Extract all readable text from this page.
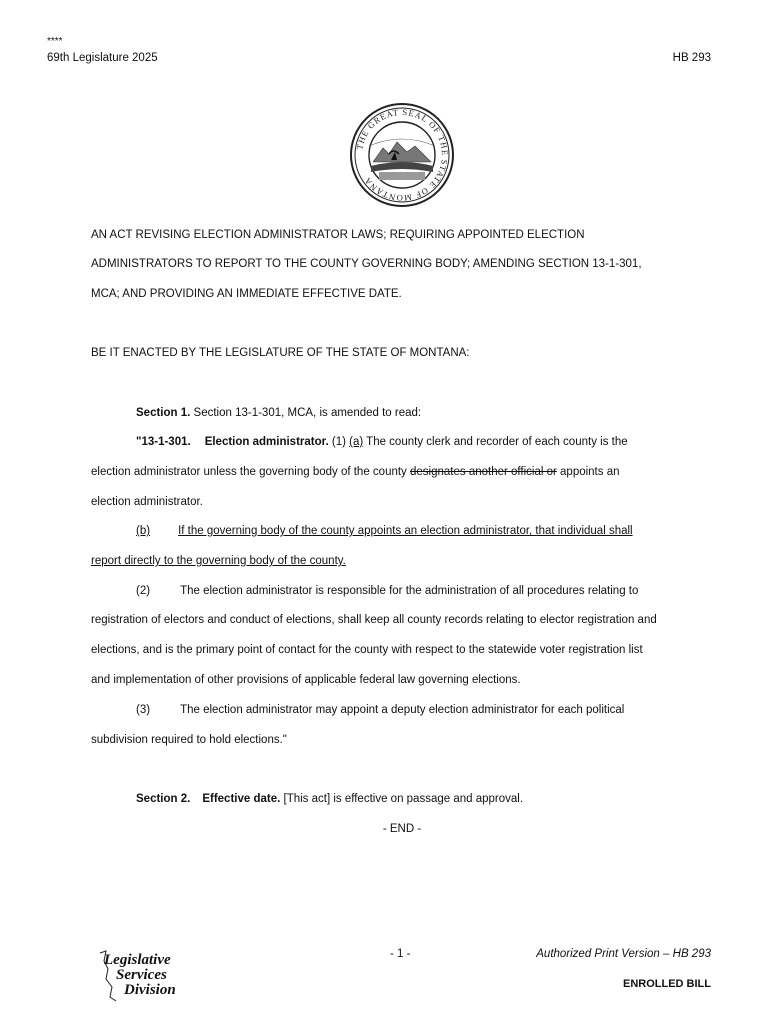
****
69th Legislature 2025	HB 293
THE GREAT SEAL OF THE STATE OF MONTANA
AN ACT REVISING ELECTION ADMINISTRATOR LAWS; REQUIRING APPOINTED ELECTION
ADMINISTRATORS TO REPORT TO THE COUNTY GOVERNING BODY; AMENDING SECTION 13-1-301,
MCA; AND PROVIDING AN IMMEDIATE EFFECTIVE DATE.
BE IT ENACTED BY THE LEGISLATURE OF THE STATE OF MONTANA:
Section 1. Section 13-1-301, MCA, is amended to read:
"13-1-301. Election administrator. (1) (a) The county clerk and recorder of each county is the
election administrator unless the governing body of the county designates another official or appoints an
election administrator.
(b) If the governing body of the county appoints an election administrator, that individual shall
report directly to the governing body of the county.
(2)	The election administrator is responsible for the administration of all procedures relating to
registration of electors and conduct of elections, shall keep all county records relating to elector registration and
elections, and is the primary point of contact for the county with respect to the statewide voter registration list
and implementation of other provisions of applicable federal law governing elections.
(3)	The election administrator may appoint a deputy election administrator for each political
subdivision required to hold elections."
Section 2. Effective date. [This act] is effective on passage and approval.
- END -
Legislative
Services
Division
- 1 -	Authorized Print Version – HB 293
ENROLLED BILL
